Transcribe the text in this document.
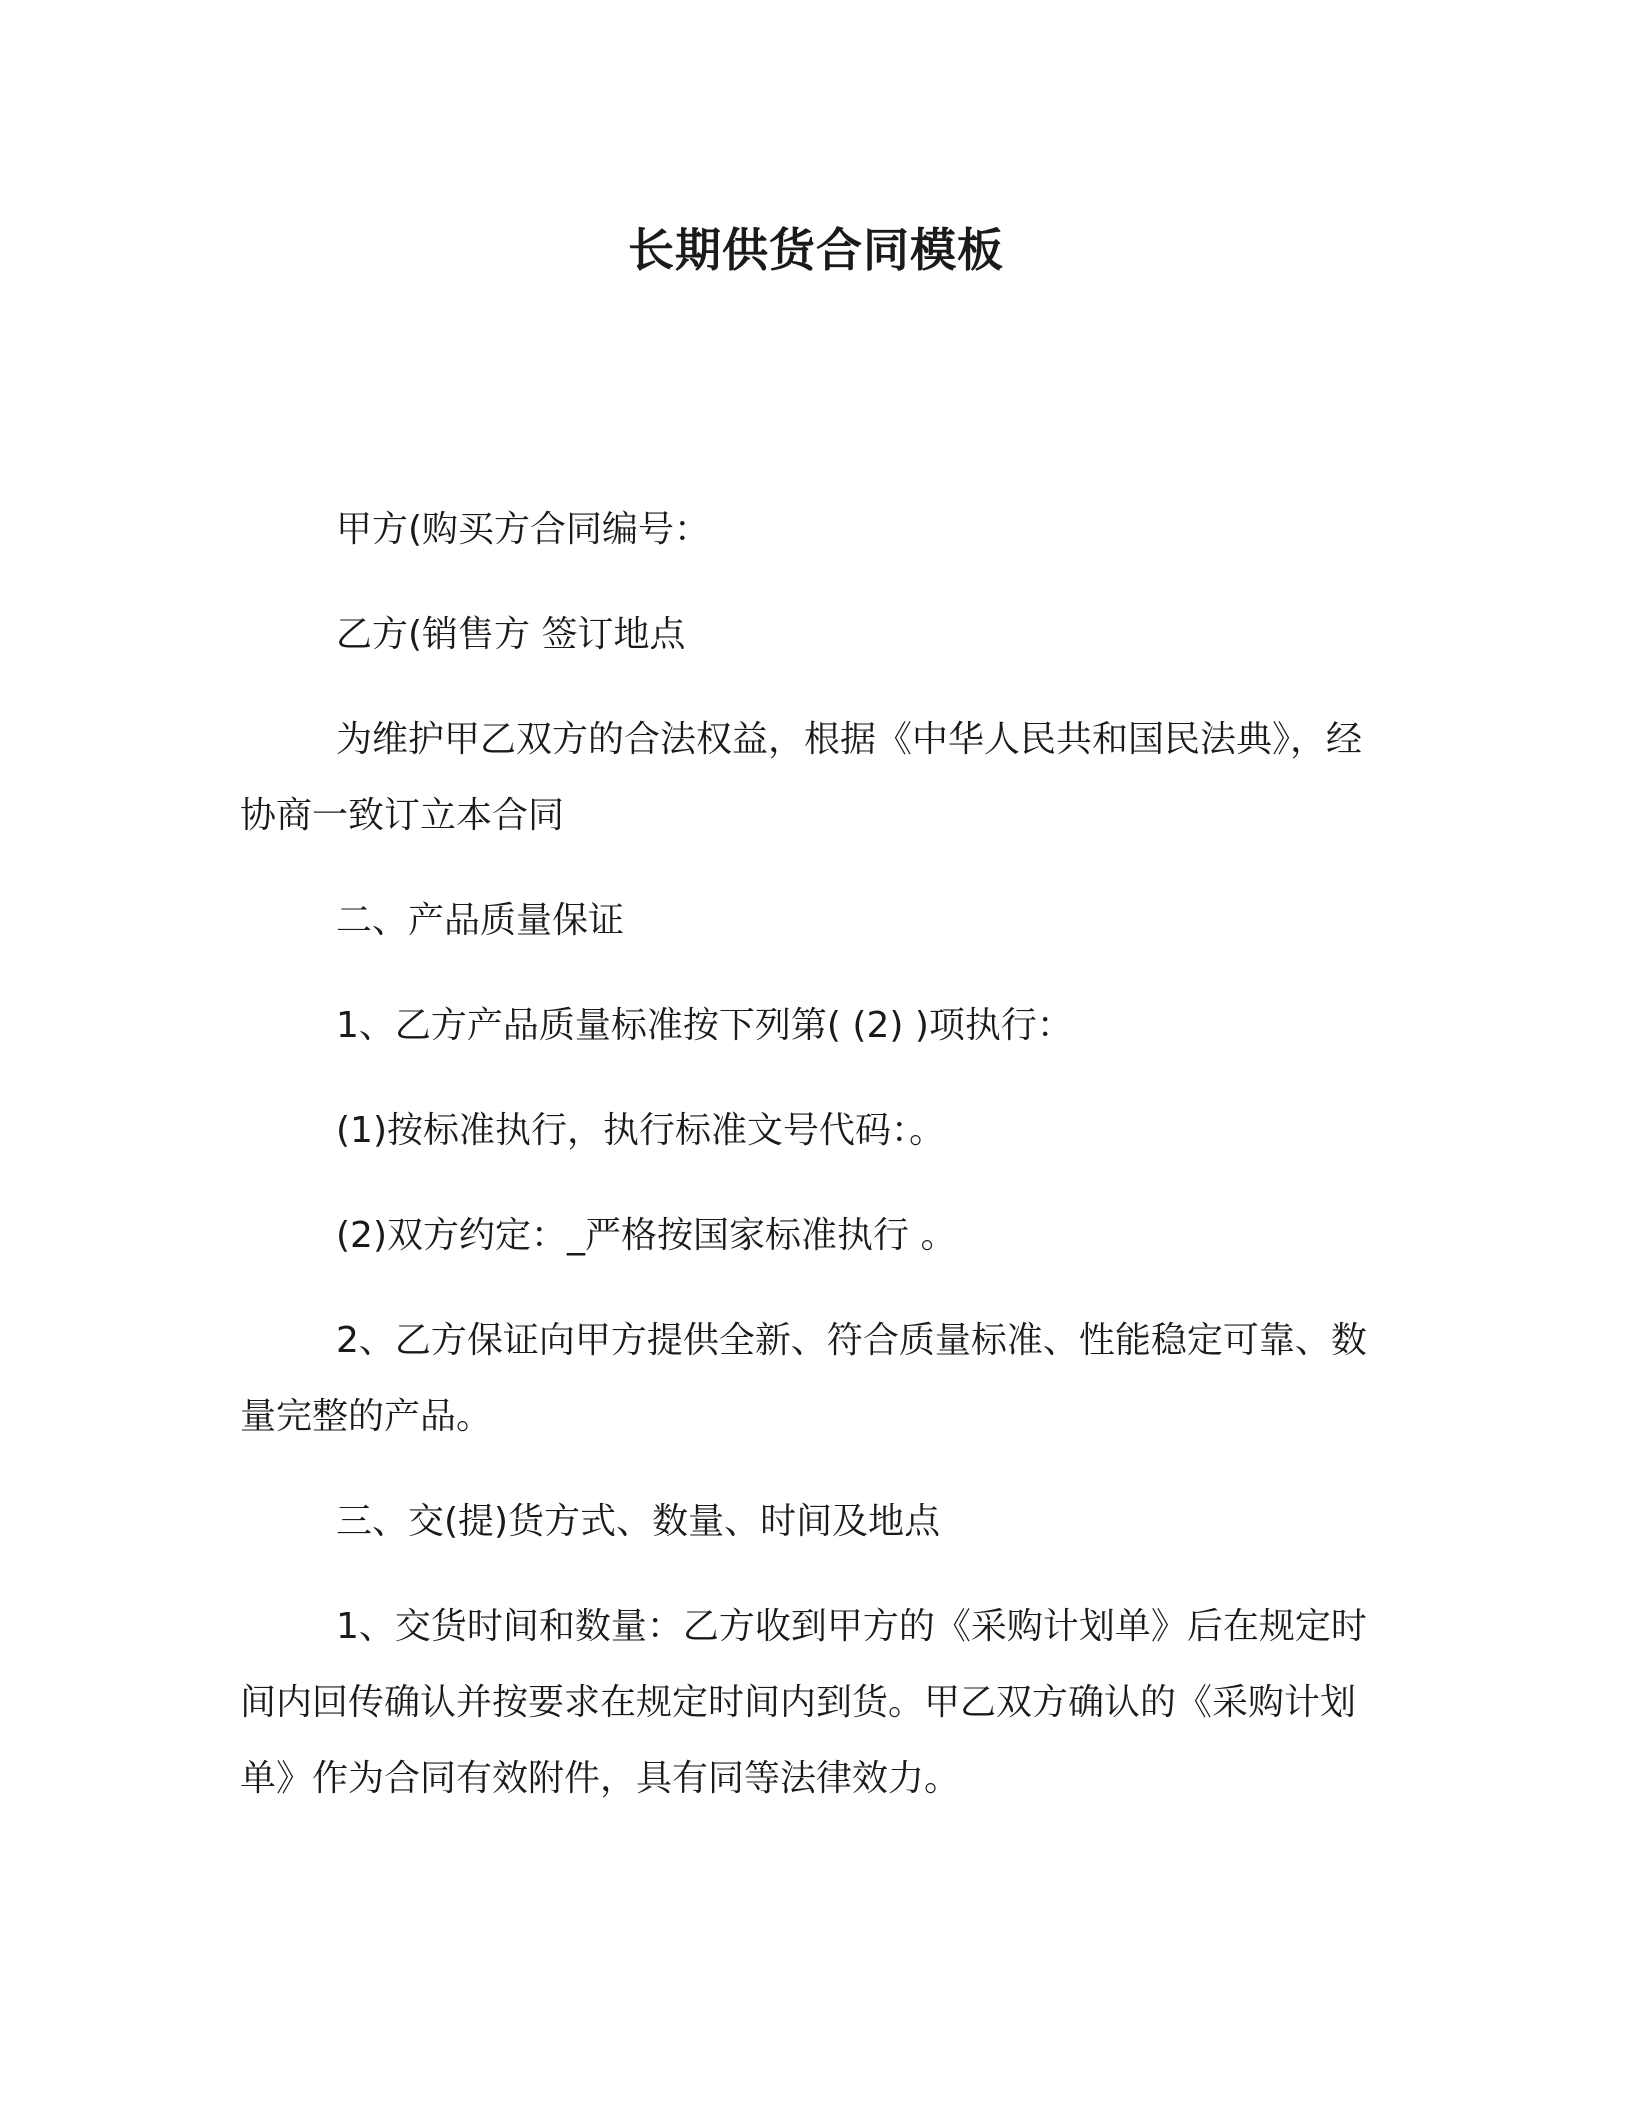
长期供货合同模板

甲方(购买方合同编号：

乙方(销售方 签订地点

为维护甲乙双方的合法权益，根据《中华人民共和国民法典》，经协商一致订立本合同

二、产品质量保证

1、乙方产品质量标准按下列第( (2) )项执行：

(1)按标准执行，执行标准文号代码：。

(2)双方约定：_严格按国家标准执行 。

2、乙方保证向甲方提供全新、符合质量标准、性能稳定可靠、数量完整的产品。

三、交(提)货方式、数量、时间及地点

1、交货时间和数量：乙方收到甲方的《采购计划单》后在规定时间内回传确认并按要求在规定时间内到货。甲乙双方确认的《采购计划单》作为合同有效附件，具有同等法律效力。
